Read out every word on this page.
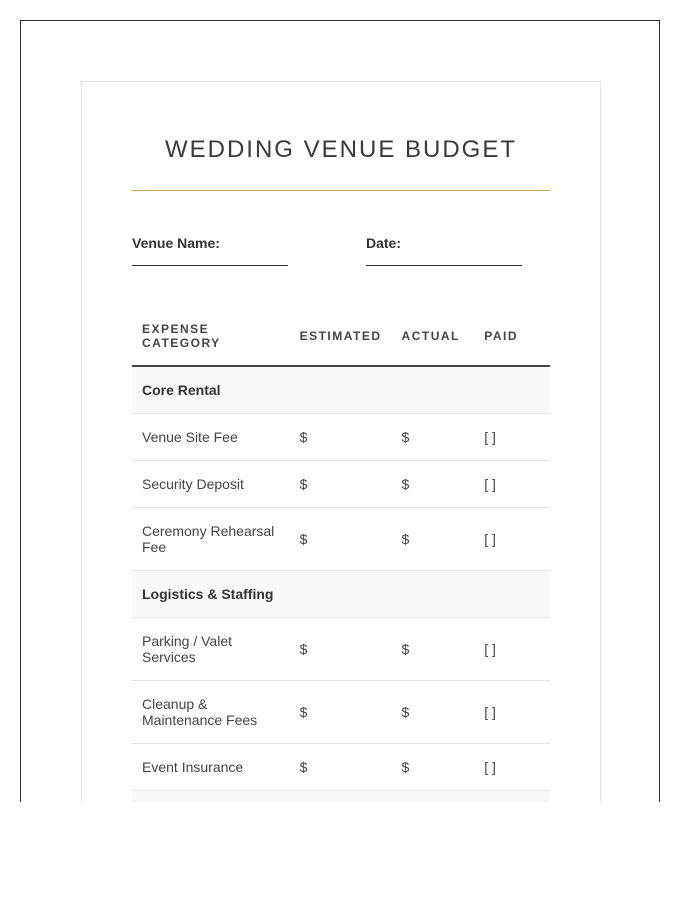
WEDDING VENUE BUDGET
Venue Name:	Date:
EXPENSE CATEGORY	ESTIMATED	ACTUAL	PAID
Core Rental			
Venue Site Fee	$	$	[ ]
Security Deposit	$	$	[ ]
Ceremony Rehearsal Fee	$	$	[ ]
Logistics & Staffing			
Parking / Valet Services	$	$	[ ]
Cleanup & Maintenance Fees	$	$	[ ]
Event Insurance	$	$	[ ]
